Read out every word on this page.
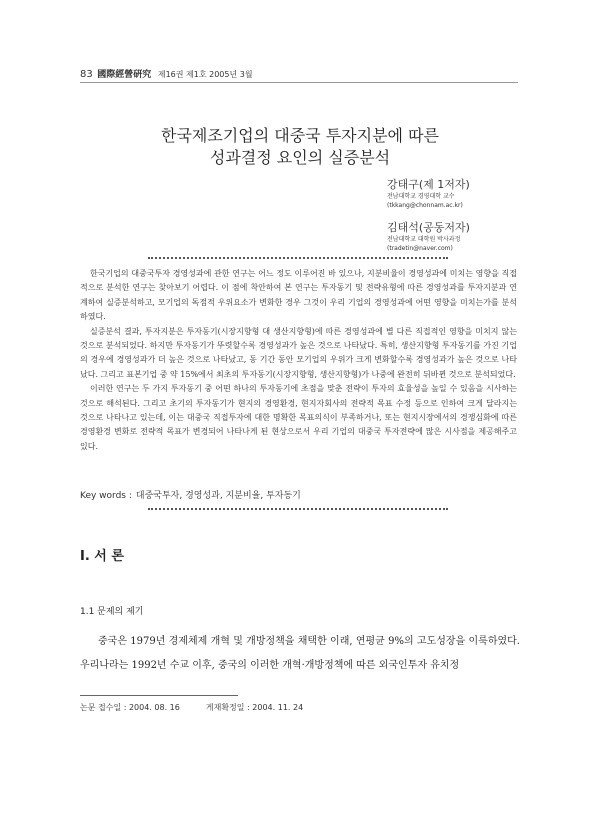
83 國際經營硏究 제16권 제1호 2005년 3월
한국제조기업의 대중국 투자지분에 따른
성과결정 요인의 실증분석
강태구(제 1저자)
전남대학교 경영대학 교수
(tkkang@chonnam.ac.kr)
김태석(공동저자)
전남대학교 대학원 박사과정
(tradetin@naver.com)

한국기업의 대중국투자 경영성과에 관한 연구는 어느 정도 이루어진 바 있으나, 지분비율이 경영성과에 미치는 영향을 직접적으로 분석한 연구는 찾아보기 어렵다. 이 점에 착안하여 본 연구는 투자동기 및 전략유형에 따른 경영성과를 투자지분과 연계하여 실증분석하고, 모기업의 독점적 우위요소가 변화한 경우 그것이 우리 기업의 경영성과에 어떤 영향을 미치는가를 분석하였다.

실증분석 결과, 투자지분은 투자동기(시장지향형 대 생산지향형)에 따른 경영성과에 별 다른 직접적인 영향을 미치지 않는 것으로 분석되었다. 하지만 투자동기가 뚜렷할수록 경영성과가 높은 것으로 나타났다. 특히, 생산지향형 투자동기를 가진 기업의 경우에 경영성과가 더 높은 것으로 나타났고, 동 기간 동안 모기업의 우위가 크게 변화할수록 경영성과가 높은 것으로 나타났다. 그리고 표본기업 중 약 15%에서 최초의 투자동기(시장지향형, 생산지향형)가 나중에 완전히 뒤바뀐 것으로 분석되었다.

이러한 연구는 두 가지 투자동기 중 어떤 하나의 투자동기에 초점을 맞춘 전략이 투자의 효율성을 높일 수 있음을 시사하는 것으로 해석된다. 그리고 초기의 투자동기가 현지의 경영환경, 현지자회사의 전략적 목표 수정 등으로 인하여 크게 달라지는 것으로 나타나고 있는데, 이는 대중국 직접투자에 대한 명확한 목표의식이 부족하거나, 또는 현지시장에서의 경쟁심화에 따른 경영환경 변화로 전략적 목표가 변경되어 나타나게 된 현상으로서 우리 기업의 대중국 투자전략에 많은 시사점을 제공해주고 있다.

Key words : 대중국투자, 경영성과, 지분비율, 투자동기
Ⅰ. 서 론
1.1 문제의 제기

중국은 1979년 경제체제 개혁 및 개방정책을 채택한 이래, 연평균 9%의 고도성장을 이룩하였다. 우리나라는 1992년 수교 이후, 중국의 이러한 개혁·개방정책에 따른 외국인투자 유치정

논문 접수일 : 2004. 08. 16	게재확정일 : 2004. 11. 24
